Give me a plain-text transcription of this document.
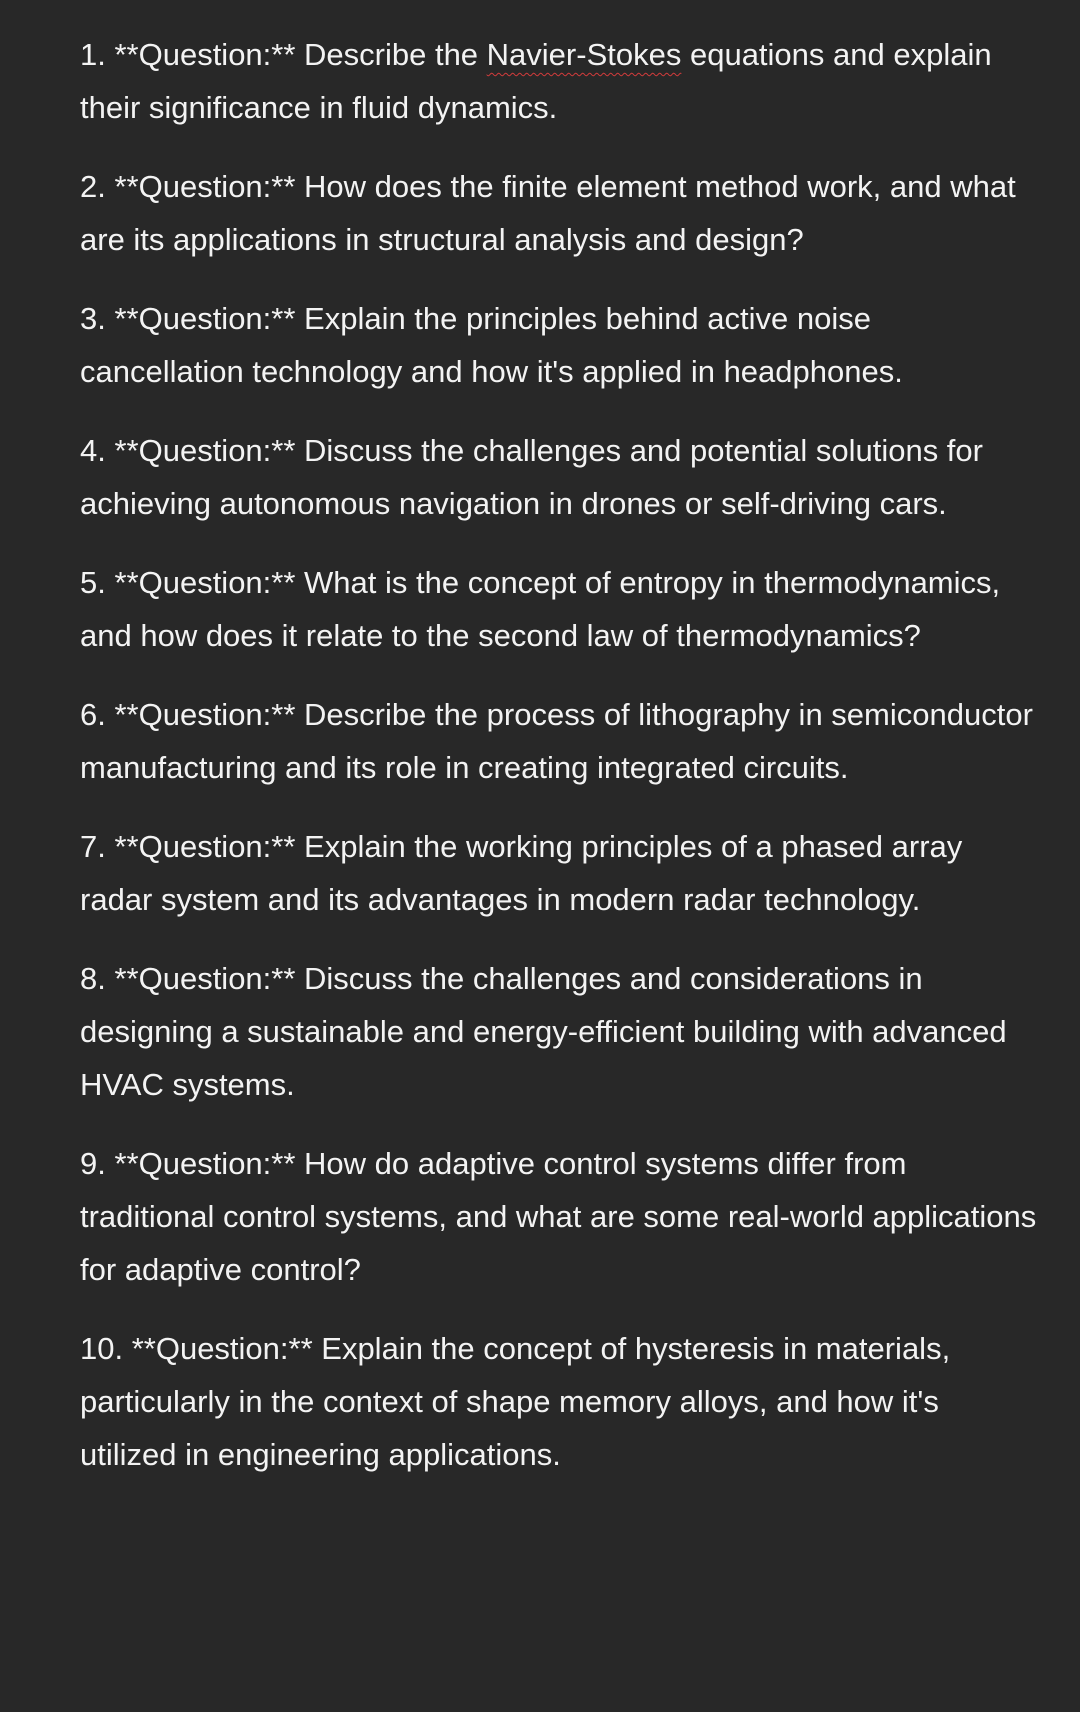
1. **Question:** Describe the Navier-Stokes equations and explain their significance in fluid dynamics.

2. **Question:** How does the finite element method work, and what are its applications in structural analysis and design?

3. **Question:** Explain the principles behind active noise cancellation technology and how it's applied in headphones.

4. **Question:** Discuss the challenges and potential solutions for achieving autonomous navigation in drones or self-driving cars.

5. **Question:** What is the concept of entropy in thermodynamics, and how does it relate to the second law of thermodynamics?

6. **Question:** Describe the process of lithography in semiconductor manufacturing and its role in creating integrated circuits.

7. **Question:** Explain the working principles of a phased array radar system and its advantages in modern radar technology.

8. **Question:** Discuss the challenges and considerations in designing a sustainable and energy-efficient building with advanced HVAC systems.

9. **Question:** How do adaptive control systems differ from traditional control systems, and what are some real-world applications for adaptive control?

10. **Question:** Explain the concept of hysteresis in materials, particularly in the context of shape memory alloys, and how it's utilized in engineering applications.
